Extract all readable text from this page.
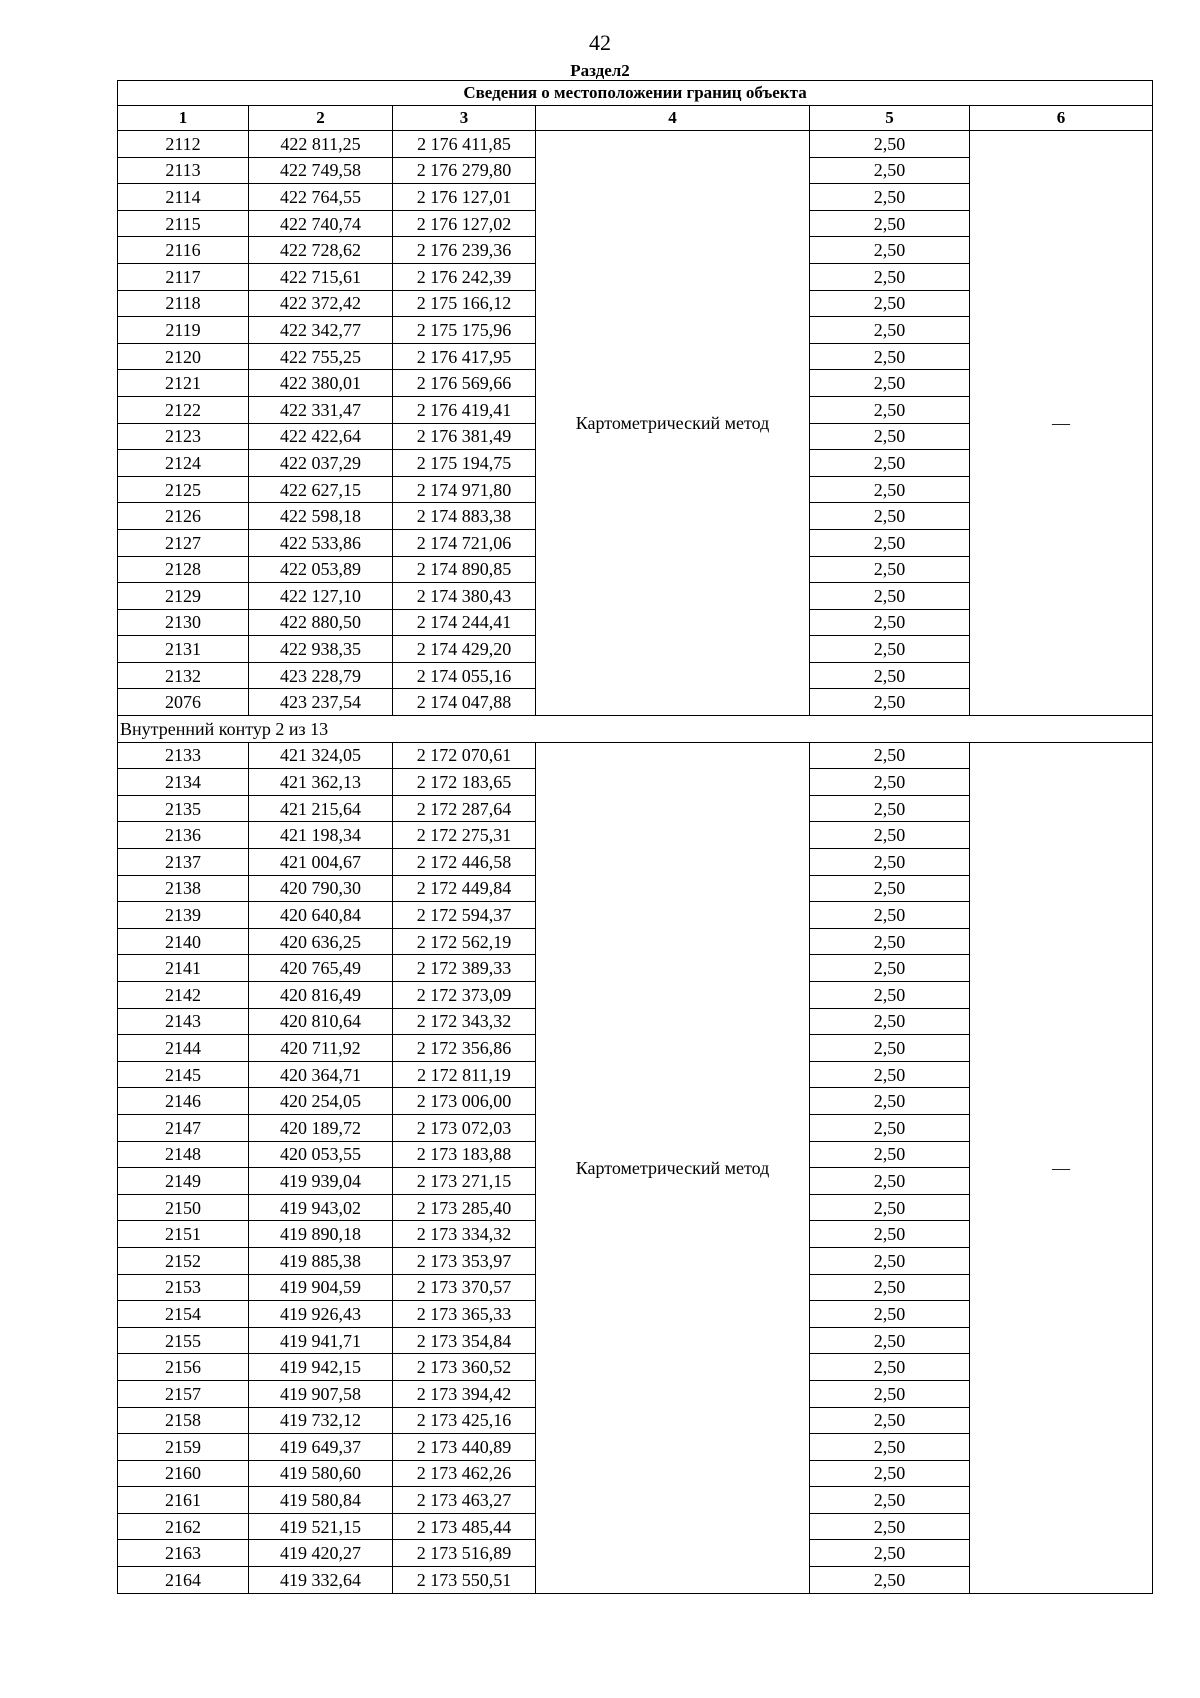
42
Раздел2
Сведения о местоположении границ объекта					
1	2	3	4	5	6
2112	422 811,25	2 176 411,85	Картометрический метод	2,50	—
2113	422 749,58	2 176 279,80		2,50	
2114	422 764,55	2 176 127,01		2,50	
2115	422 740,74	2 176 127,02		2,50	
2116	422 728,62	2 176 239,36		2,50	
2117	422 715,61	2 176 242,39		2,50	
2118	422 372,42	2 175 166,12		2,50	
2119	422 342,77	2 175 175,96		2,50	
2120	422 755,25	2 176 417,95		2,50	
2121	422 380,01	2 176 569,66		2,50	
2122	422 331,47	2 176 419,41		2,50	
2123	422 422,64	2 176 381,49		2,50	
2124	422 037,29	2 175 194,75		2,50	
2125	422 627,15	2 174 971,80		2,50	
2126	422 598,18	2 174 883,38		2,50	
2127	422 533,86	2 174 721,06		2,50	
2128	422 053,89	2 174 890,85		2,50	
2129	422 127,10	2 174 380,43		2,50	
2130	422 880,50	2 174 244,41		2,50	
2131	422 938,35	2 174 429,20		2,50	
2132	423 228,79	2 174 055,16		2,50	
2076	423 237,54	2 174 047,88		2,50	
Внутренний контур 2 из 13					
2133	421 324,05	2 172 070,61	Картометрический метод	2,50	—
2134	421 362,13	2 172 183,65		2,50	
2135	421 215,64	2 172 287,64		2,50	
2136	421 198,34	2 172 275,31		2,50	
2137	421 004,67	2 172 446,58		2,50	
2138	420 790,30	2 172 449,84		2,50	
2139	420 640,84	2 172 594,37		2,50	
2140	420 636,25	2 172 562,19		2,50	
2141	420 765,49	2 172 389,33		2,50	
2142	420 816,49	2 172 373,09		2,50	
2143	420 810,64	2 172 343,32		2,50	
2144	420 711,92	2 172 356,86		2,50	
2145	420 364,71	2 172 811,19		2,50	
2146	420 254,05	2 173 006,00		2,50	
2147	420 189,72	2 173 072,03		2,50	
2148	420 053,55	2 173 183,88		2,50	
2149	419 939,04	2 173 271,15		2,50	
2150	419 943,02	2 173 285,40		2,50	
2151	419 890,18	2 173 334,32		2,50	
2152	419 885,38	2 173 353,97		2,50	
2153	419 904,59	2 173 370,57		2,50	
2154	419 926,43	2 173 365,33		2,50	
2155	419 941,71	2 173 354,84		2,50	
2156	419 942,15	2 173 360,52		2,50	
2157	419 907,58	2 173 394,42		2,50	
2158	419 732,12	2 173 425,16		2,50	
2159	419 649,37	2 173 440,89		2,50	
2160	419 580,60	2 173 462,26		2,50	
2161	419 580,84	2 173 463,27		2,50	
2162	419 521,15	2 173 485,44		2,50	
2163	419 420,27	2 173 516,89		2,50	
2164	419 332,64	2 173 550,51		2,50	
